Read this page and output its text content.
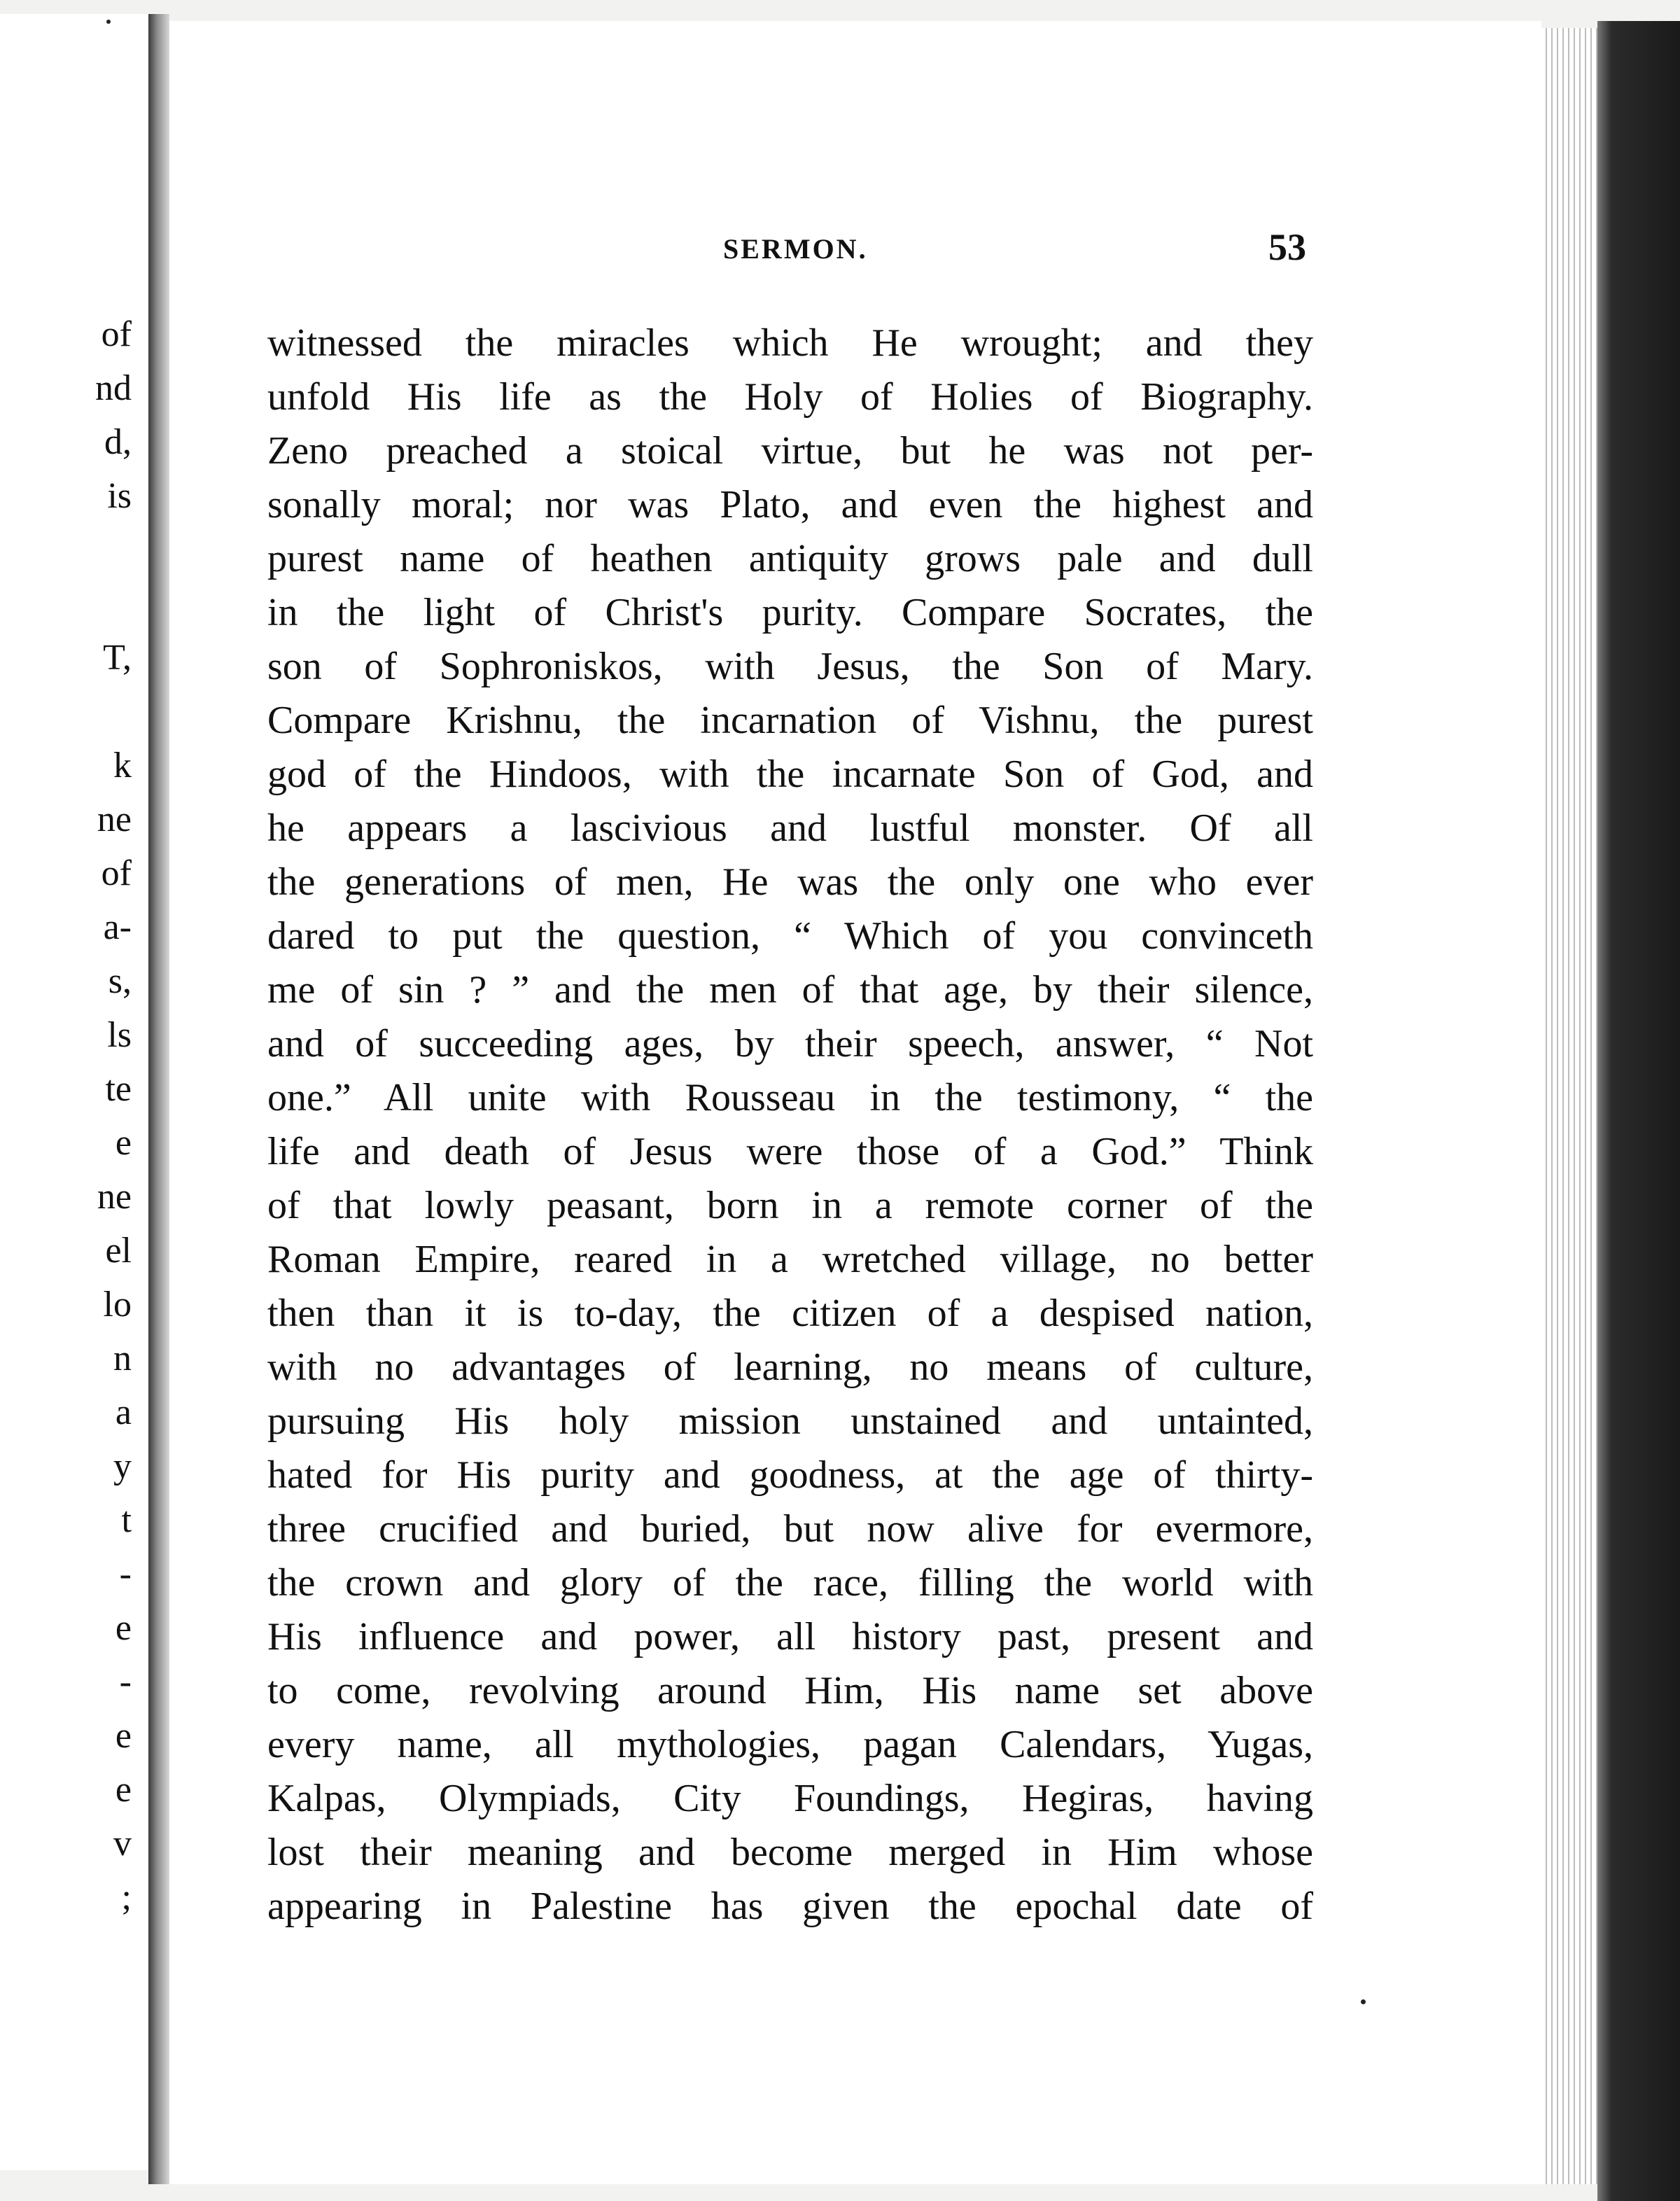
of
nd
d,
is
T,
k
ne
of
a-
s,
ls
te
e
ne
el
lo
n
a
y
t
-
e
-
e
e
v
;
SERMON.	53
witnessed the miracles which He wrought; and they
unfold His life as the Holy of Holies of Biography.
Zeno preached a stoical virtue, but he was not per-
sonally moral; nor was Plato, and even the highest and
purest name of heathen antiquity grows pale and dull
in the light of Christ's purity. Compare Socrates, the
son of Sophroniskos, with Jesus, the Son of Mary.
Compare Krishnu, the incarnation of Vishnu, the purest
god of the Hindoos, with the incarnate Son of God, and
he appears a lascivious and lustful monster. Of all
the generations of men, He was the only one who ever
dared to put the question, “ Which of you convinceth
me of sin ? ” and the men of that age, by their silence,
and of succeeding ages, by their speech, answer, “ Not
one.” All unite with Rousseau in the testimony, “ the
life and death of Jesus were those of a God.” Think
of that lowly peasant, born in a remote corner of the
Roman Empire, reared in a wretched village, no better
then than it is to-day, the citizen of a despised nation,
with no advantages of learning, no means of culture,
pursuing His holy mission unstained and untainted,
hated for His purity and goodness, at the age of thirty-
three crucified and buried, but now alive for evermore,
the crown and glory of the race, filling the world with
His influence and power, all history past, present and
to come, revolving around Him, His name set above
every name, all mythologies, pagan Calendars, Yugas,
Kalpas, Olympiads, City Foundings, Hegiras, having
lost their meaning and become merged in Him whose
appearing in Palestine has given the epochal date of
